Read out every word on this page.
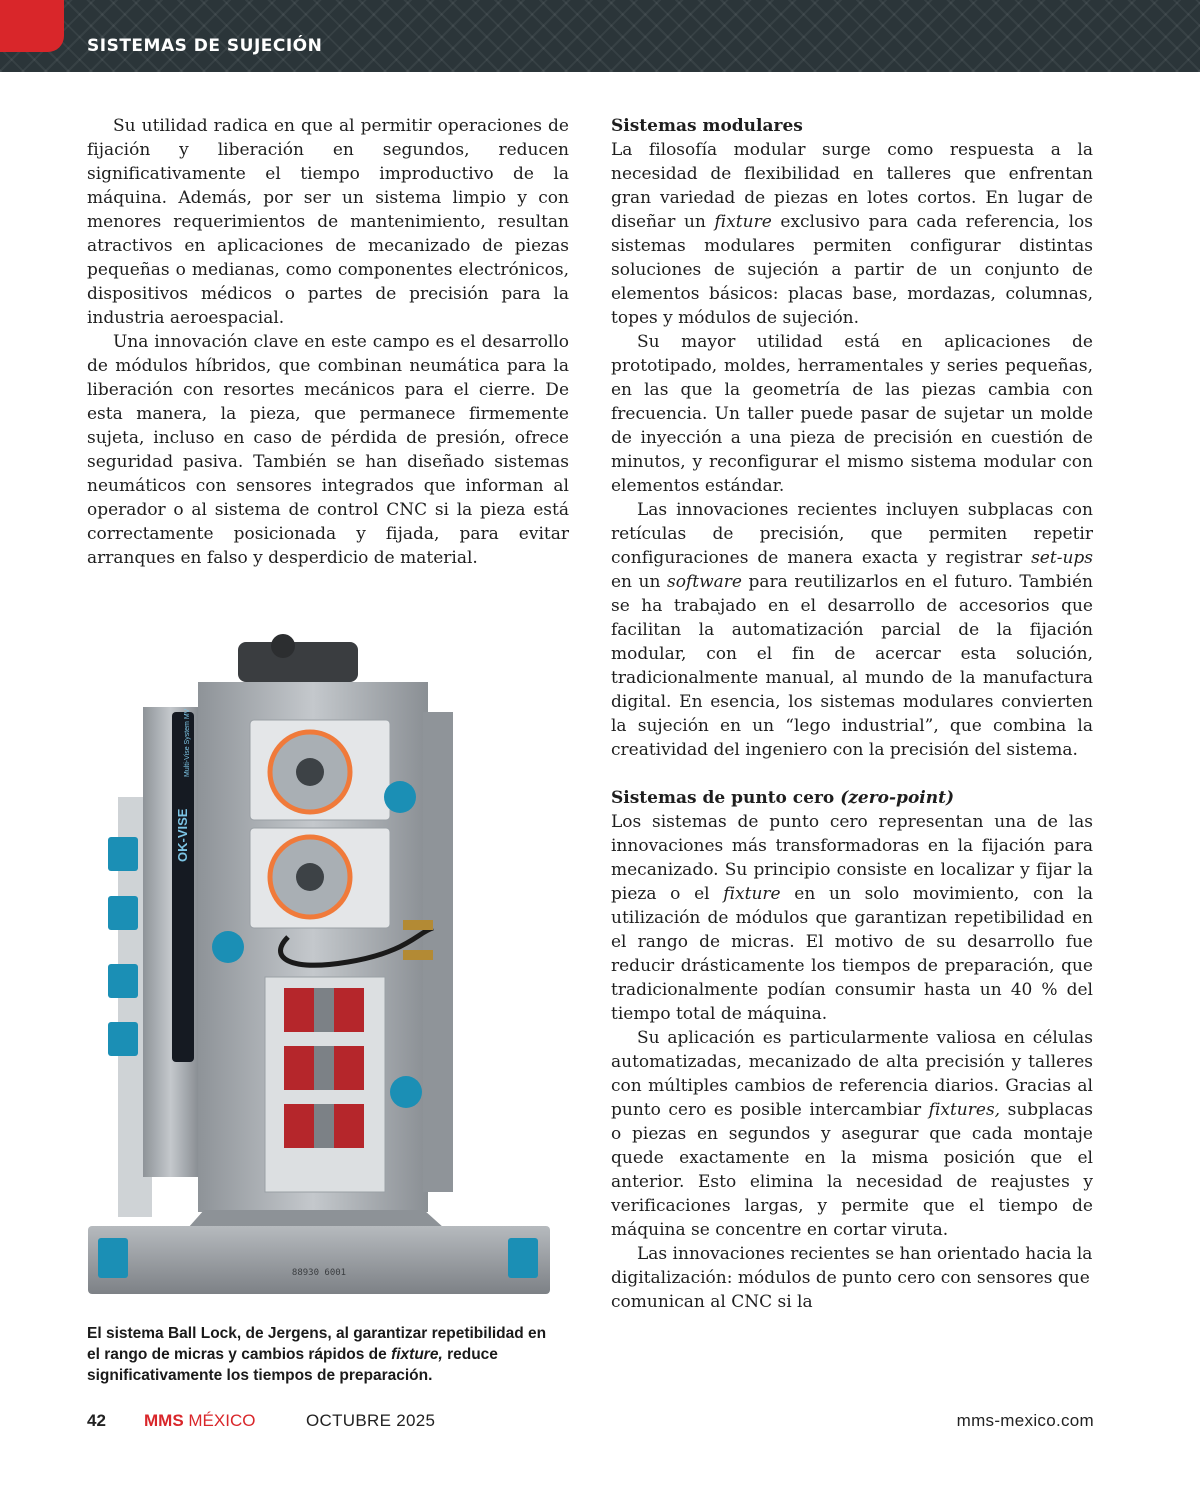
SISTEMAS DE SUJECIÓN

Su utilidad radica en que al permitir operaciones de fijación y liberación en segundos, reducen significativamente el tiempo improductivo de la máquina. Además, por ser un sistema limpio y con menores requerimientos de mantenimiento, resultan atractivos en aplicaciones de mecanizado de piezas pequeñas o medianas, como componentes electrónicos, dispositivos médicos o partes de precisión para la industria aeroespacial.

Una innovación clave en este campo es el desarrollo de módulos híbridos, que combinan neumática para la liberación con resortes mecánicos para el cierre. De esta manera, la pieza, que permanece firmemente sujeta, incluso en caso de pérdida de presión, ofrece seguridad pasiva. También se han diseñado sistemas neumáticos con sensores integrados que informan al operador o al sistema de control CNC si la pieza está correctamente posicionada y fijada, para evitar arranques en falso y desperdicio de material.

OK-VISE
Multi-Vise System MV
88930 6001
El sistema Ball Lock, de Jergens, al garantizar repetibilidad en el rango de micras y cambios rápidos de fixture, reduce significativamente los tiempos de preparación.

Sistemas modulares

La filosofía modular surge como respuesta a la necesidad de flexibilidad en talleres que enfrentan gran variedad de piezas en lotes cortos. En lugar de diseñar un fixture exclusivo para cada referencia, los sistemas modulares permiten configurar distintas soluciones de sujeción a partir de un conjunto de elementos básicos: placas base, mordazas, columnas, topes y módulos de sujeción.

Su mayor utilidad está en aplicaciones de prototipado, moldes, herramentales y series pequeñas, en las que la geometría de las piezas cambia con frecuencia. Un taller puede pasar de sujetar un molde de inyección a una pieza de precisión en cuestión de minutos, y reconfigurar el mismo sistema modular con elementos estándar.

Las innovaciones recientes incluyen subplacas con retículas de precisión, que permiten repetir configuraciones de manera exacta y registrar set-ups en un software para reutilizarlos en el futuro. También se ha trabajado en el desarrollo de accesorios que facilitan la automatización parcial de la fijación modular, con el fin de acercar esta solución, tradicionalmente manual, al mundo de la manufactura digital. En esencia, los sistemas modulares convierten la sujeción en un “lego industrial”, que combina la creatividad del ingeniero con la precisión del sistema.

Sistemas de punto cero (zero-point)

Los sistemas de punto cero representan una de las innovaciones más transformadoras en la fijación para mecanizado. Su principio consiste en localizar y fijar la pieza o el fixture en un solo movimiento, con la utilización de módulos que garantizan repetibilidad en el rango de micras. El motivo de su desarrollo fue reducir drásticamente los tiempos de preparación, que tradicionalmente podían consumir hasta un 40 % del tiempo total de máquina.

Su aplicación es particularmente valiosa en células automatizadas, mecanizado de alta precisión y talleres con múltiples cambios de referencia diarios. Gracias al punto cero es posible intercambiar fixtures, subplacas o piezas en segundos y asegurar que cada montaje quede exactamente en la misma posición que el anterior. Esto elimina la necesidad de reajustes y verificaciones largas, y permite que el tiempo de máquina se concentre en cortar viruta.

Las innovaciones recientes se han orientado hacia la digitalización: módulos de punto cero con sensores que comunican al CNC si la

42 MMS MÉXICO	OCTUBRE 2025	mms-mexico.com
